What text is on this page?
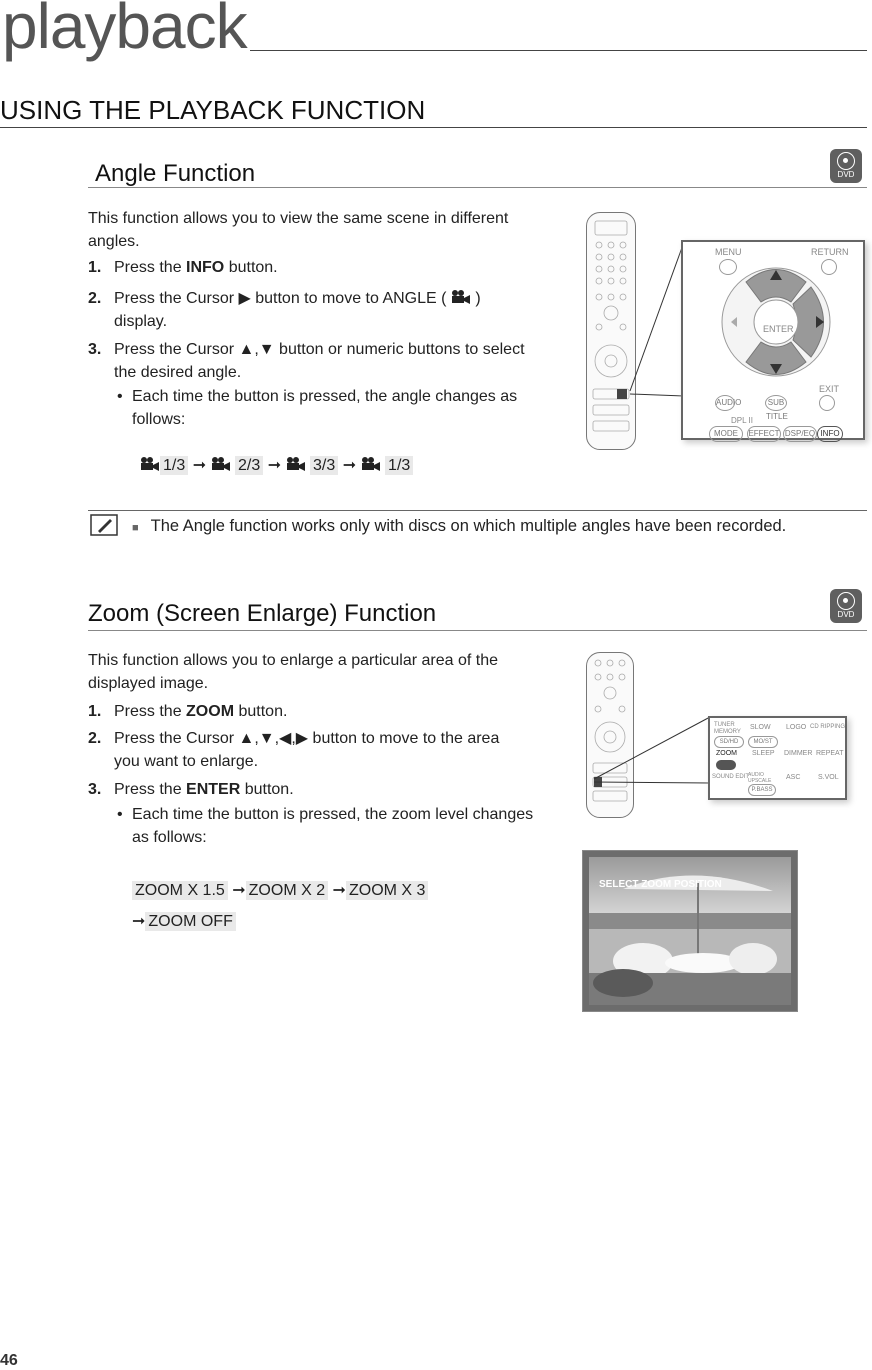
playback
USING THE PLAYBACK FUNCTION
Angle Function	DVD
This function allows you to view the same scene in different angles.
1. Press the INFO button.
2. Press the Cursor ▶ button to move to ANGLE ( )
display.
3. Press the Cursor ▲,▼ button or numeric buttons to select
the desired angle.
• Each time the button is pressed, the angle changes as
follows:
1/3 ➞ 2/3 ➞ 3/3 ➞ 1/3
MENU	RETURN
ENTER
EXIT
AUDIO	SUB TITLE
DPL II
MODE	EFFECT DSP/EQ INFO
■ The Angle function works only with discs on which multiple angles have been recorded.
Zoom (Screen Enlarge) Function	DVD
This function allows you to enlarge a particular area of the
displayed image.
1. Press the ZOOM button.
2. Press the Cursor ▲,▼,◀,▶ button to move to the area
you want to enlarge.
3. Press the ENTER button.
• Each time the button is pressed, the zoom level changes
as follows:
ZOOM X 1.5 ➞ ZOOM X 2 ➞ ZOOM X 3
➞ ZOOM OFF
TUNER MEMORY
SLOW LOGO CD RIPPING
SD/HD	MO/ST
ZOOM SLEEP DIMMER REPEAT
SOUND EDIT
AUDIO UPSCALE	ASC	S.VOL
P.BASS
SELECT ZOOM POSITION
46
